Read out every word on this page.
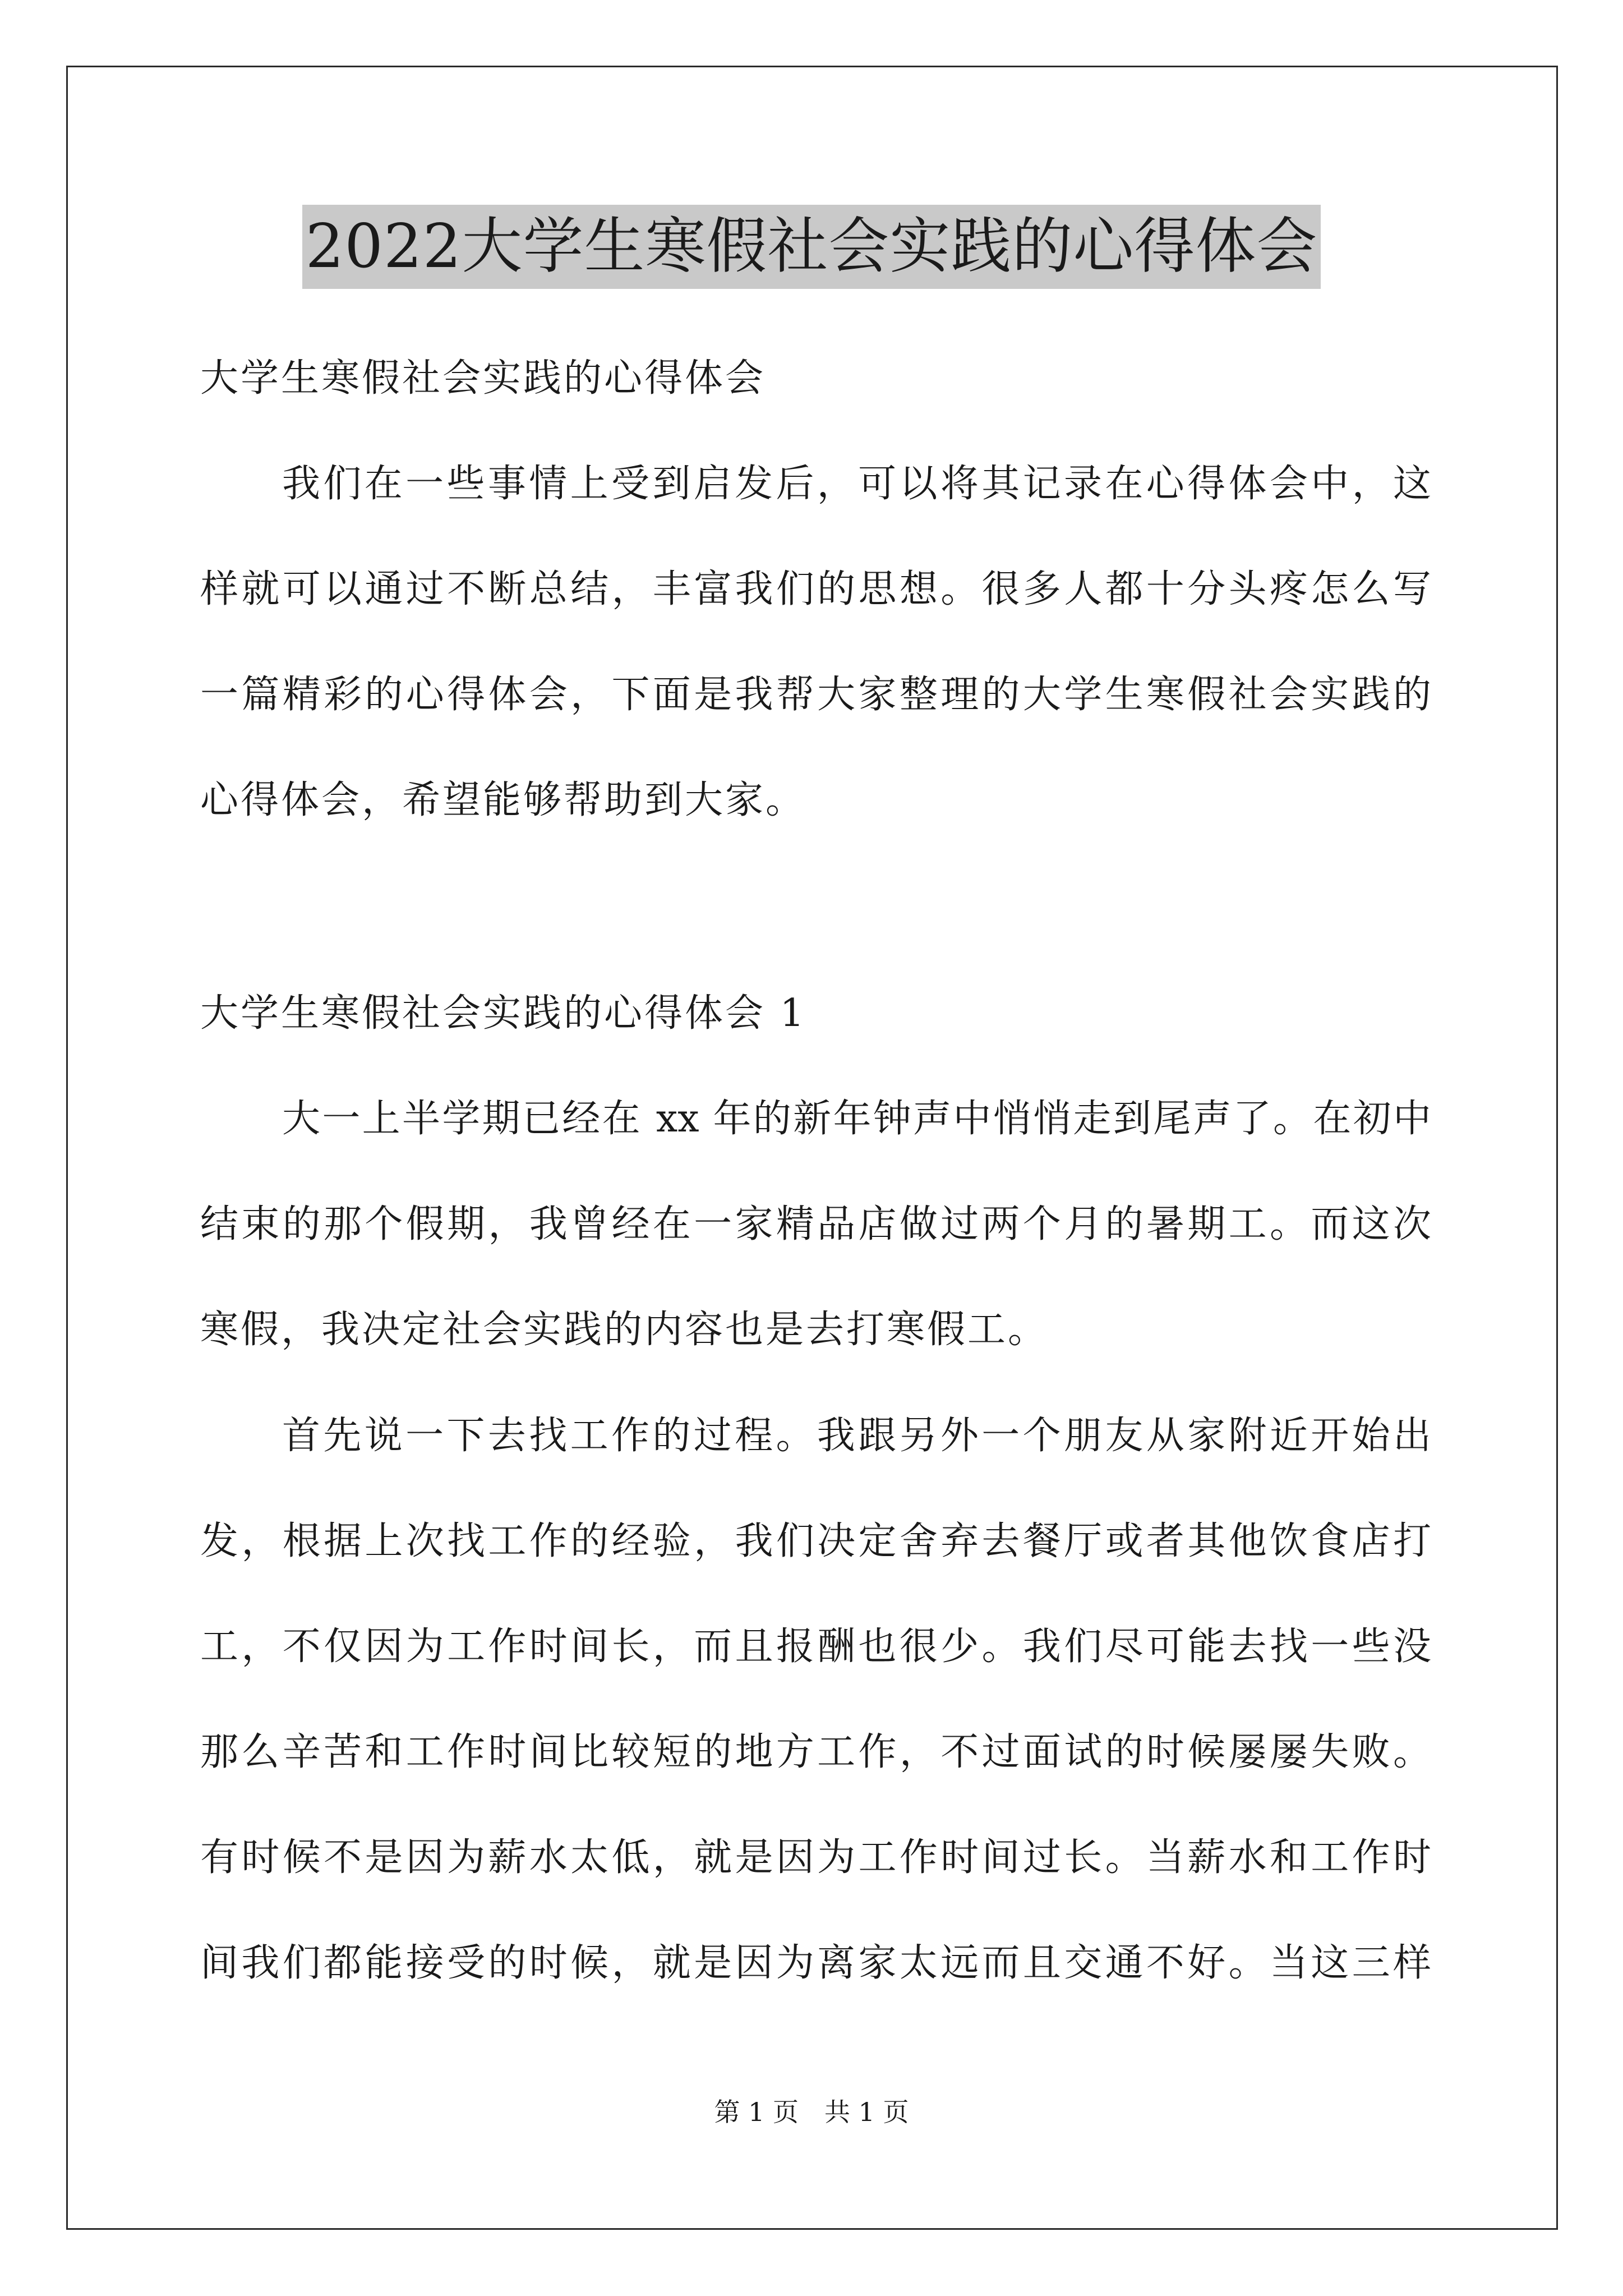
2022大学生寒假社会实践的心得体会
大学生寒假社会实践的心得体会
我们在一些事情上受到启发后，可以将其记录在心得体会中，这
样就可以通过不断总结，丰富我们的思想。很多人都十分头疼怎么写
一篇精彩的心得体会，下面是我帮大家整理的大学生寒假社会实践的
心得体会，希望能够帮助到大家。
大学生寒假社会实践的心得体会 1
大一上半学期已经在 xx 年的新年钟声中悄悄走到尾声了。在初中
结束的那个假期，我曾经在一家精品店做过两个月的暑期工。而这次
寒假，我决定社会实践的内容也是去打寒假工。
首先说一下去找工作的过程。我跟另外一个朋友从家附近开始出
发，根据上次找工作的经验，我们决定舍弃去餐厅或者其他饮食店打
工，不仅因为工作时间长，而且报酬也很少。我们尽可能去找一些没
那么辛苦和工作时间比较短的地方工作，不过面试的时候屡屡失败。
有时候不是因为薪水太低，就是因为工作时间过长。当薪水和工作时
间我们都能接受的时候，就是因为离家太远而且交通不好。当这三样
第 1 页　共 1 页
